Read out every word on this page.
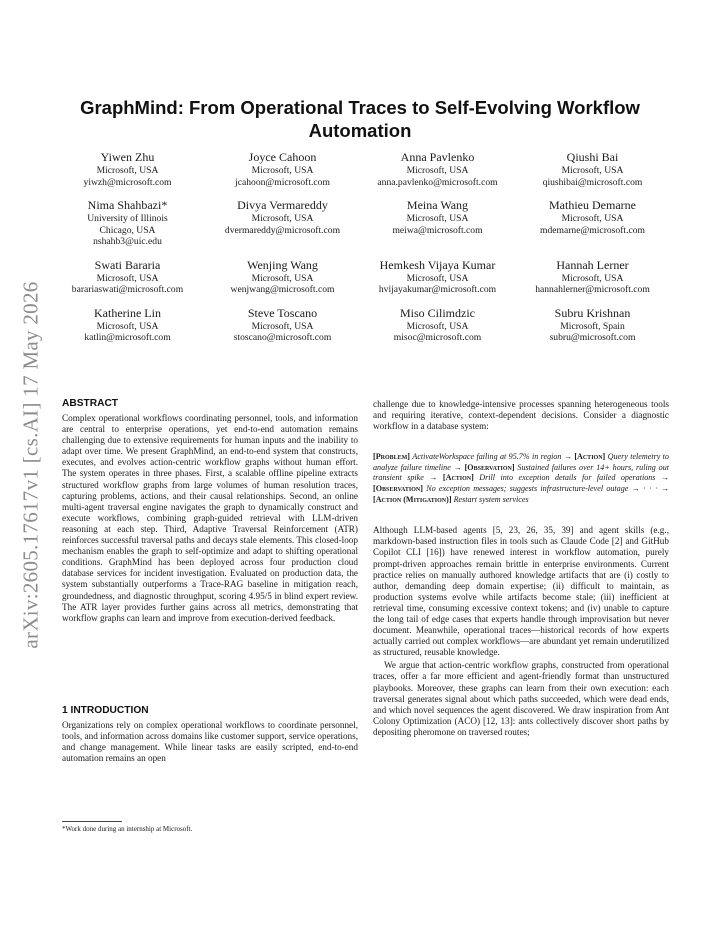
arXiv:2605.17617v1 [cs.AI] 17 May 2026
GraphMind: From Operational Traces to Self-Evolving Workflow Automation
Yiwen Zhu
Microsoft, USA
yiwzh@microsoft.com
Joyce Cahoon
Microsoft, USA
jcahoon@microsoft.com
Anna Pavlenko
Microsoft, USA
anna.pavlenko@microsoft.com
Qiushi Bai
Microsoft, USA
qiushibai@microsoft.com
Nima Shahbazi*
University of Illinois
Chicago, USA
nshahb3@uic.edu
Divya Vermareddy
Microsoft, USA
dvermareddy@microsoft.com
Meina Wang
Microsoft, USA
meiwa@microsoft.com
Mathieu Demarne
Microsoft, USA
mdemarne@microsoft.com
Swati Bararia
Microsoft, USA
barariaswati@microsoft.com
Wenjing Wang
Microsoft, USA
wenjwang@microsoft.com
Hemkesh Vijaya Kumar
Microsoft, USA
hvijayakumar@microsoft.com
Hannah Lerner
Microsoft, USA
hannahlerner@microsoft.com
Katherine Lin
Microsoft, USA
katlin@microsoft.com
Steve Toscano
Microsoft, USA
stoscano@microsoft.com
Miso Cilimdzic
Microsoft, USA
misoc@microsoft.com
Subru Krishnan
Microsoft, Spain
subru@microsoft.com
ABSTRACT

Complex operational workflows coordinating personnel, tools, and information are central to enterprise operations, yet end-to-end automation remains challenging due to extensive requirements for human inputs and the inability to adapt over time. We present GraphMind, an end-to-end system that constructs, executes, and evolves action-centric workflow graphs without human effort. The system operates in three phases. First, a scalable offline pipeline extracts structured workflow graphs from large volumes of human resolution traces, capturing problems, actions, and their causal relationships. Second, an online multi-agent traversal engine navigates the graph to dynamically construct and execute workflows, combining graph-guided retrieval with LLM-driven reasoning at each step. Third, Adaptive Traversal Reinforcement (ATR) reinforces successful traversal paths and decays stale elements. This closed-loop mechanism enables the graph to self-optimize and adapt to shifting operational conditions. GraphMind has been deployed across four production cloud database services for incident investigation. Evaluated on production data, the system substantially outperforms a Trace-RAG baseline in mitigation reach, groundedness, and diagnostic throughput, scoring 4.95/5 in blind expert review. The ATR layer provides further gains across all metrics, demonstrating that workflow graphs can learn and improve from execution-derived feedback.

1 INTRODUCTION

Organizations rely on complex operational workflows to coordinate personnel, tools, and information across domains like customer support, service operations, and change management. While linear tasks are easily scripted, end-to-end automation remains an open

*Work done during an internship at Microsoft.

challenge due to knowledge-intensive processes spanning heterogeneous tools and requiring iterative, context-dependent decisions. Consider a diagnostic workflow in a database system:

[Problem] ActivateWorkspace failing at 95.7% in region → [Action] Query telemetry to analyze failure timeline → [Observation] Sustained failures over 14+ hours, ruling out transient spike → [Action] Drill into exception details for failed operations → [Observation] No exception messages; suggests infrastructure-level outage → · · · → [Action (Mitigation)] Restart system services

Although LLM-based agents [5, 23, 26, 35, 39] and agent skills (e.g., markdown-based instruction files in tools such as Claude Code [2] and GitHub Copilot CLI [16]) have renewed interest in workflow automation, purely prompt-driven approaches remain brittle in enterprise environments. Current practice relies on manually authored knowledge artifacts that are (i) costly to author, demanding deep domain expertise; (ii) difficult to maintain, as production systems evolve while artifacts become stale; (iii) inefficient at retrieval time, consuming excessive context tokens; and (iv) unable to capture the long tail of edge cases that experts handle through improvisation but never document. Meanwhile, operational traces—historical records of how experts actually carried out complex workflows—are abundant yet remain underutilized as structured, reusable knowledge.

We argue that action-centric workflow graphs, constructed from operational traces, offer a far more efficient and agent-friendly format than unstructured playbooks. Moreover, these graphs can learn from their own execution: each traversal generates signal about which paths succeeded, which were dead ends, and which novel sequences the agent discovered. We draw inspiration from Ant Colony Optimization (ACO) [12, 13]: ants collectively discover short paths by depositing pheromone on traversed routes;
